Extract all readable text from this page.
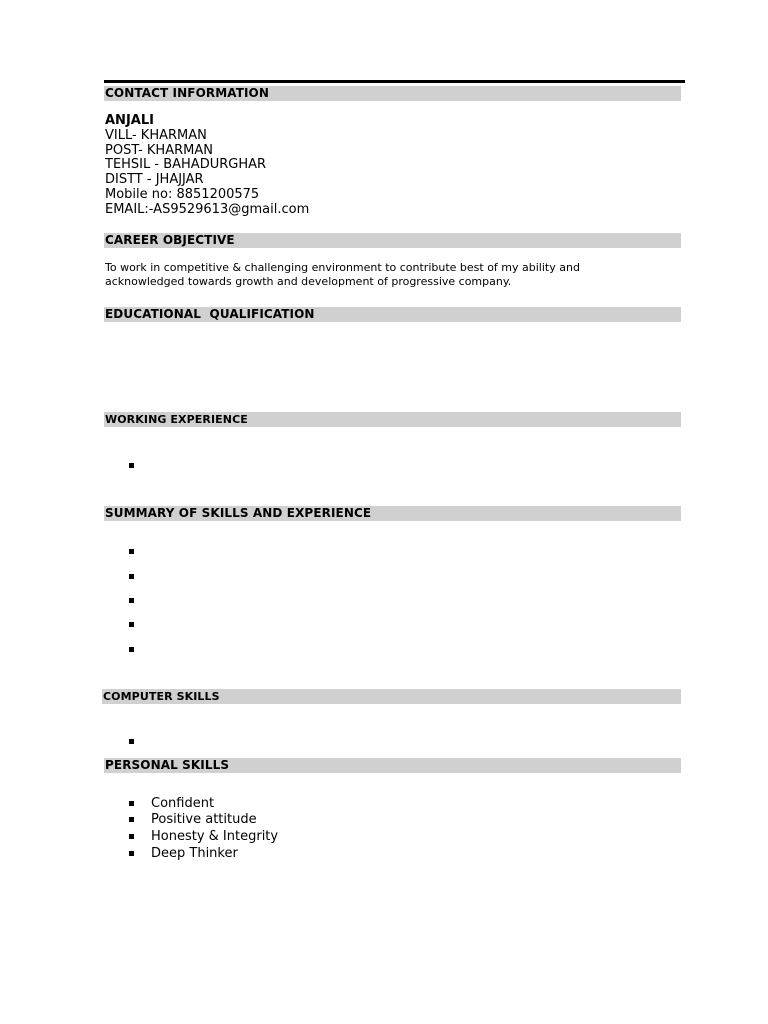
CONTACT INFORMATION
ANJALI
VILL- KHARMAN
POST- KHARMAN
TEHSIL - BAHADURGHAR
DISTT - JHAJJAR
Mobile no: 8851200575
EMAIL:-AS9529613@gmail.com
CAREER OBJECTIVE
To work in competitive & challenging environment to contribute best of my ability and
acknowledged towards growth and development of progressive company.
EDUCATIONAL  QUALIFICATION
WORKING EXPERIENCE
SUMMARY OF SKILLS AND EXPERIENCE
COMPUTER SKILLS
PERSONAL SKILLS
Confident
Positive attitude
Honesty & Integrity
Deep Thinker
